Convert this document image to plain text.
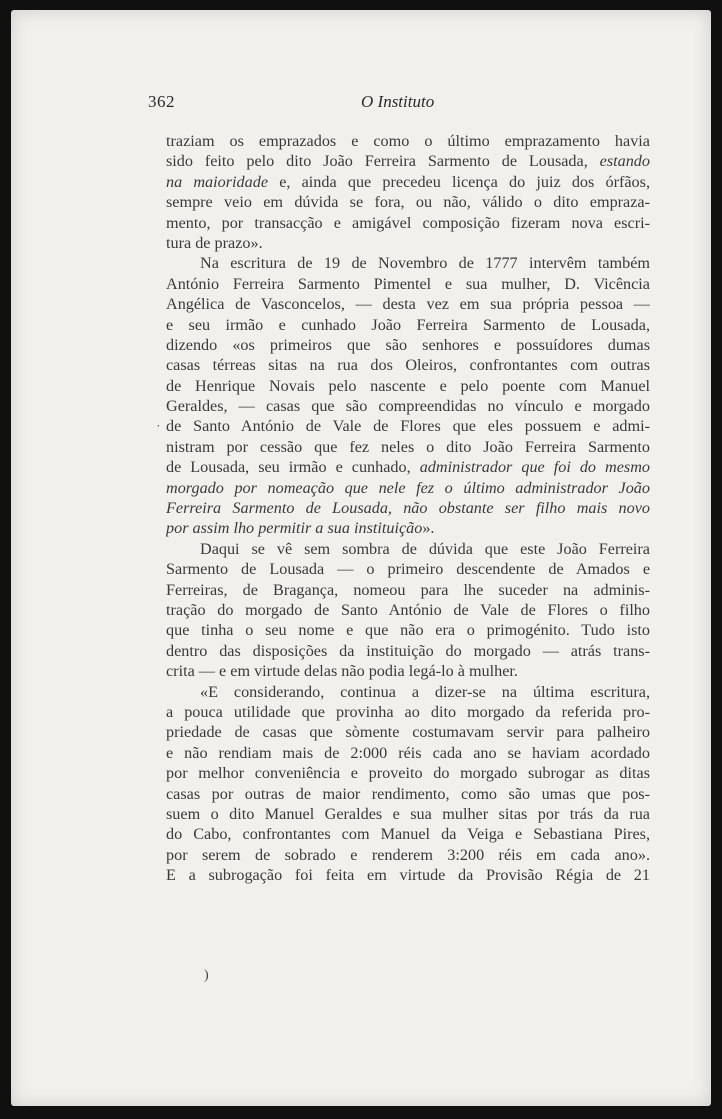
362	O Instituto
traziam os emprazados e como o último emprazamento havia
sido feito pelo dito João Ferreira Sarmento de Lousada, estando
na maioridade e, ainda que precedeu licença do juiz dos órfãos,
sempre veio em dúvida se fora, ou não, válido o dito empraza-
mento, por transacção e amigável composição fizeram nova escri-
tura de prazo».
Na escritura de 19 de Novembro de 1777 intervêm também
António Ferreira Sarmento Pimentel e sua mulher, D. Vicência
Angélica de Vasconcelos, — desta vez em sua própria pessoa —
e seu irmão e cunhado João Ferreira Sarmento de Lousada,
dizendo «os primeiros que são senhores e possuídores dumas
casas térreas sitas na rua dos Oleiros, confrontantes com outras
de Henrique Novais pelo nascente e pelo poente com Manuel
Geraldes, — casas que são compreendidas no vínculo e morgado
de Santo António de Vale de Flores que eles possuem e admi-
nistram por cessão que fez neles o dito João Ferreira Sarmento
de Lousada, seu irmão e cunhado, administrador que foi do mesmo
morgado por nomeação que nele fez o último administrador João
Ferreira Sarmento de Lousada, não obstante ser filho mais novo
por assim lho permitir a sua instituição».
Daqui se vê sem sombra de dúvida que este João Ferreira
Sarmento de Lousada — o primeiro descendente de Amados e
Ferreiras, de Bragança, nomeou para lhe suceder na adminis-
tração do morgado de Santo António de Vale de Flores o filho
que tinha o seu nome e que não era o primogénito. Tudo isto
dentro das disposições da instituição do morgado — atrás trans-
crita — e em virtude delas não podia legá-lo à mulher.
«E considerando, continua a dizer-se na última escritura,
a pouca utilidade que provinha ao dito morgado da referida pro-
priedade de casas que sòmente costumavam servir para palheiro
e não rendiam mais de 2:000 réis cada ano se haviam acordado
por melhor conveniência e proveito do morgado subrogar as ditas
casas por outras de maior rendimento, como são umas que pos-
suem o dito Manuel Geraldes e sua mulher sitas por trás da rua
do Cabo, confrontantes com Manuel da Veiga e Sebastiana Pires,
por serem de sobrado e renderem 3:200 réis em cada ano».
E a subrogação foi feita em virtude da Provisão Régia de 21
˙
)
